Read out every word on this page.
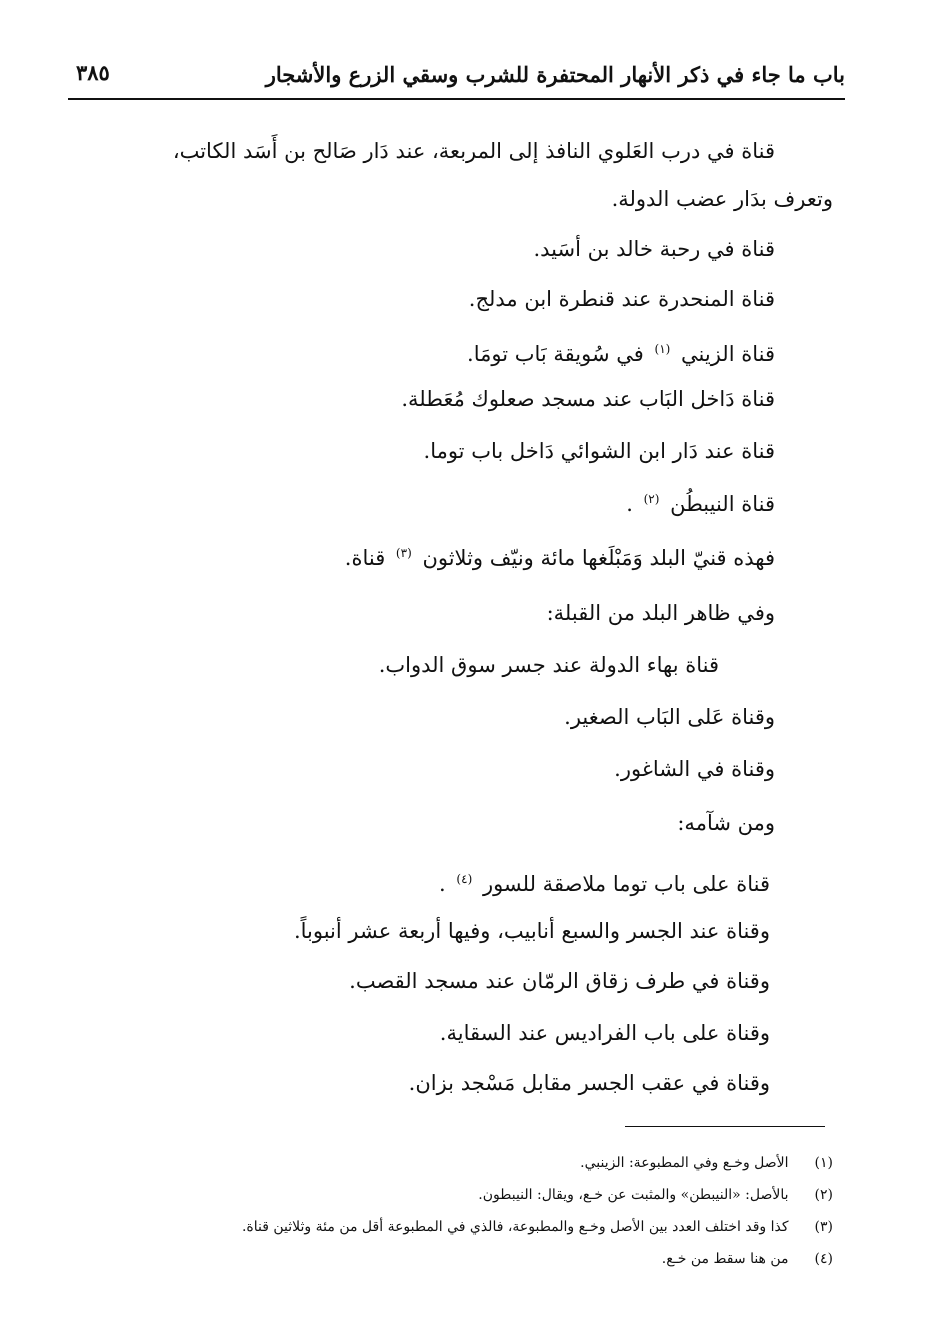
باب ما جاء في ذكر الأنهار المحتفرة للشرب وسقي الزرع والأشجار
٣٨٥
قناة في درب العَلوي النافذ إلى المربعة، عند دَار صَالح بن أَسَد الكاتب،
وتعرف بدَار عضب الدولة.
قناة في رحبة خالد بن أسَيد.
قناة المنحدرة عند قنطرة ابن مدلج.
قناة الزيني $^{(١)}$ في سُويقة بَاب تومَا.
قناة دَاخل البَاب عند مسجد صعلوك مُعَطلة.
قناة عند دَار ابن الشوائي دَاخل باب توما.
قناة النيبطُن $^{(٢)}$ .
فهذه قنيّ البلد وَمَبْلَغها مائة ونيّف وثلاثون $^{(٣)}$ قناة.
وفي ظاهر البلد من القبلة:
قناة بهاء الدولة عند جسر سوق الدواب.
وقناة عَلى البَاب الصغير.
وقناة في الشاغور.
ومن شآمه:
قناة على باب توما ملاصقة للسور $^{(٤)}$ .
وقناة عند الجسر والسبع أنابيب، وفيها أربعة عشر أنبوباً.
وقناة في طرف زقاق الرمّان عند مسجد القصب.
وقناة على باب الفراديس عند السقاية.
وقناة في عقب الجسر مقابل مَسْجد بزان.
(١) الأصل وخـع وفي المطبوعة: الزينبي.
(٢) بالأصل: «النيبطن» والمثبت عن خـع، ويقال: النيبطون.
(٣) كذا وقد اختلف العدد بين الأصل وخـع والمطبوعة، فالذي في المطبوعة أقل من مئة وثلاثين قناة.
(٤) من هنا سقط من خـع.
